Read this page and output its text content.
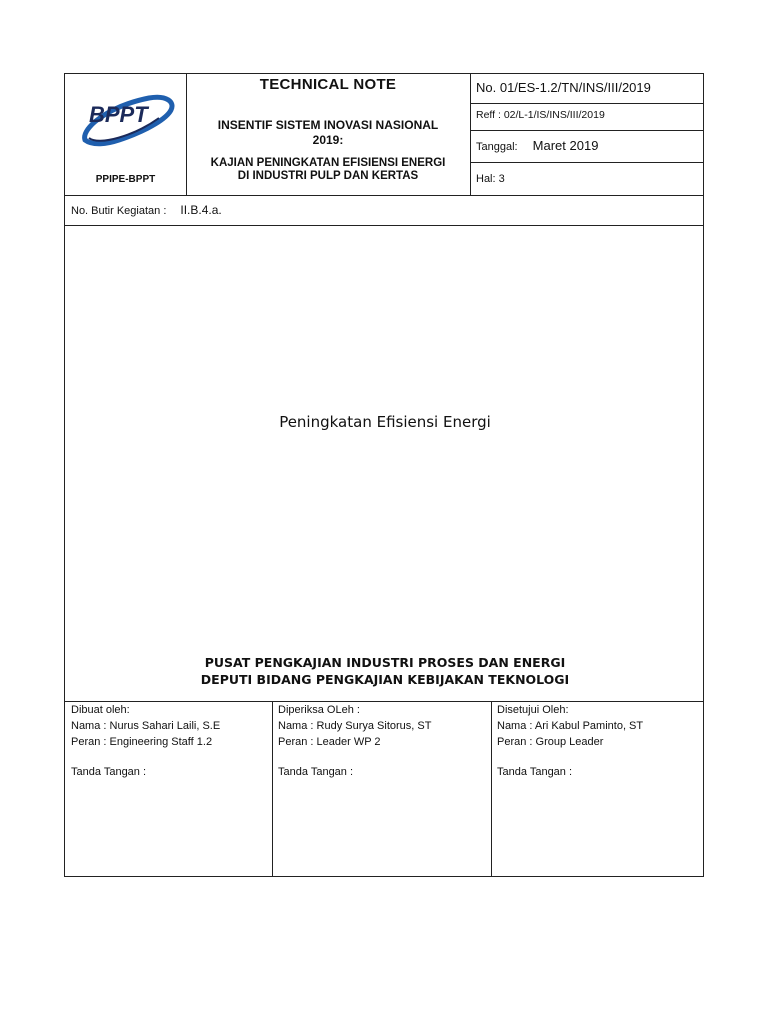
BPPT
PPIPE-BPPT
TECHNICAL NOTE
INSENTIF SISTEM INOVASI NASIONAL
2019:
KAJIAN PENINGKATAN EFISIENSI ENERGI
DI INDUSTRI PULP DAN KERTAS
No. 01/ES-1.2/TN/INS/III/2019
Reff : 02/L-1/IS/INS/III/2019
Tanggal: Maret 2019
Hal: 3
No. Butir Kegiatan : II.B.4.a.
Peningkatan Efisiensi Energi
PUSAT PENGKAJIAN INDUSTRI PROSES DAN ENERGI
DEPUTI BIDANG PENGKAJIAN KEBIJAKAN TEKNOLOGI
Dibuat oleh:
Nama : Nurus Sahari Laili, S.E
Peran : Engineering Staff 1.2
Tanda Tangan :
Diperiksa OLeh :
Nama : Rudy Surya Sitorus, ST
Peran : Leader WP 2
Tanda Tangan :
Disetujui Oleh:
Nama : Ari Kabul Paminto, ST
Peran : Group Leader
Tanda Tangan :
